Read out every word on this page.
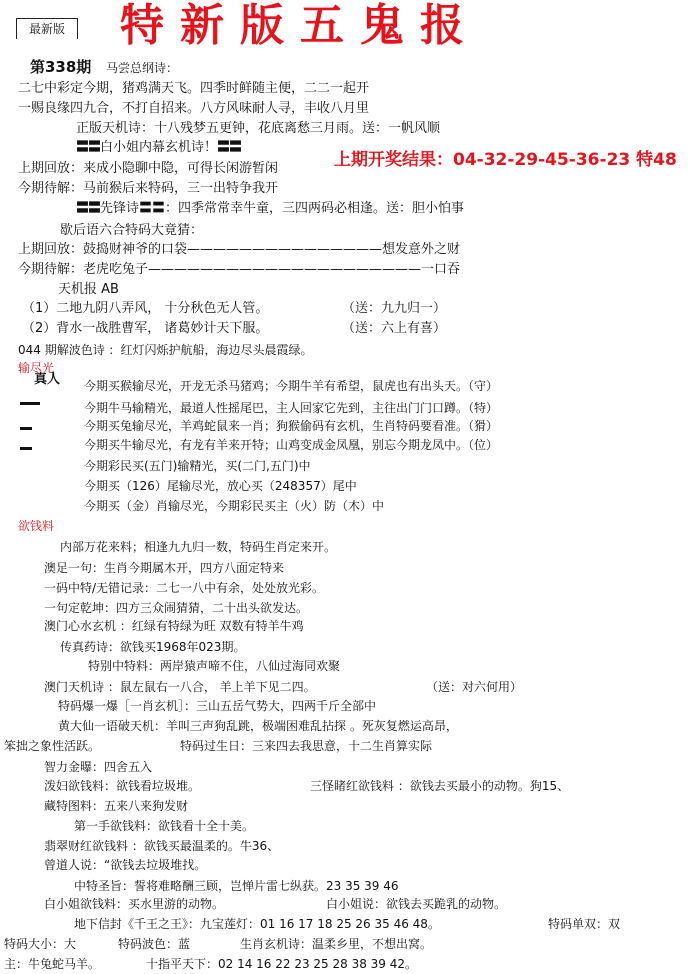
最新版 特新版五鬼报
第338期 马尝总纲诗：
二七中彩定今期，猪鸡满天飞。四季时鲜随主便，二二一起开
一赐良缘四九合，不打自招来。八方风味耐人寻，丰收八月里
正版天机诗：十八残梦五更钟，花底离愁三月雨。送：一帆风顺
〓〓白小姐内幕玄机诗！〓〓
上期回放：来成小隐聊中隐，可得长闲游暂闲	上期开奖结果：04-32-29-45-36-23 特48
今期待解：马前猴后来特码，三一出特争我开
〓〓先锋诗〓〓：四季常常幸牛童，三四两码必相逢。送：胆小怕事
歇后语六合特码大竟猜：
上期回放：鼓捣财神爷的口袋———————————————想发意外之财
今期待解：老虎吃兔子—————————————————————一口吞
天机报 AB
（1）二地九阴八弄风， 十分秋色无人管。	（送：九九归一）
（2）背水一战胜曹军， 诸葛妙计天下服。	（送：六上有喜）
044 期解波色诗 ：红灯闪烁护航船，海边尽头晨霞绿。
输尽光
真人 今期买猴输尽光，开龙无杀马猪鸡；今期牛羊有希望，鼠虎也有出头天。（守）
今期牛马输精光，最道人性摇尾巴，主人回家它先到，主往出门门口蹲。（特）
今期买兔输尽光，羊鸡蛇鼠来一肖；狗猴偷码有玄机，生肖特码要看准。（猾）
今期买牛输尽光，有龙有羊来开特；山鸡变成金凤凰，别忘今期龙凤中。（位）
今期彩民买(五门)输精光，买(二门,五门)中
今期买（126）尾输尽光，放心买（248357）尾中
今期买（金）肖输尽光，今期彩民买主（火）防（木）中
欲钱料
内部万花来料；相逢九九归一数，特码生肖定来开。
澳足一句：生肖今期属木开，四方八面定特来
一码中特/无错记录：二七一八中有余，处处放光彩。
一句定乾坤：四方三众闹猜猜，二十出头欲发达。
澳门心水玄机 ：红绿有特绿为旺 双数有特羊牛鸡
传真药诗：欲钱买1968年023期。
特别中特料：两岸猿声啼不住，八仙过海同欢聚
澳门天机诗 ：鼠左鼠右一八合， 羊上羊下见二四。	（送：对六何用）
特码爆一爆［一肖玄机］：三山五岳气势大，四两千斤全部中
黄大仙一语破天机：羊叫三声狗乱跳，极端困难乱拈探 。死灰复燃运高昂，
笨拙之象性活跃。	特码过生日：三来四去我思意，十二生肖算实际
智力金曝：四舍五入
泼妇欲钱料：欲钱看垃圾堆。	三怪睹红欲钱料 ：欲钱去买最小的动物。狗15、
藏特图料：五来八来狗发财
第一手欲钱料：欲钱看十全十美。
翡翠财红欲钱料 ：欲钱买最温柔的。牛36、
曾道人说：“欲钱去垃圾堆找。
中特圣旨：誓将难略酬三顾，岂惮片雷七纵获。23 35 39 46
白小姐欲钱料：买水里游的动物。	白小姐说：欲钱去买跪乳的动物。
地下信封《千王之王》：九宝莲灯：01 16 17 18 25 26 35 46 48。	特码单双：双
特码大小：大	特码波色：蓝	生肖玄机诗：温柔乡里，不想出窝。
主：牛兔蛇马羊。	十指平天下：02 14 16 22 23 25 28 38 39 42。
